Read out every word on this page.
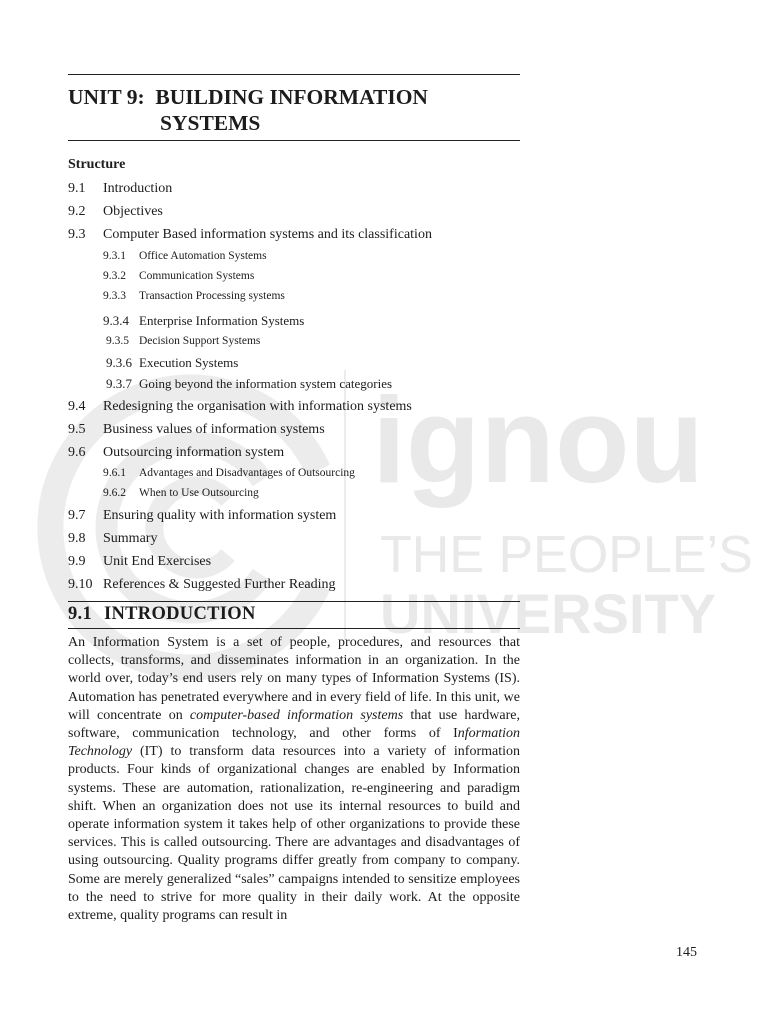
ignou
THE PEOPLE’S
UNIVERSITY
UNIT 9:  BUILDING INFORMATION
SYSTEMS
Structure
9.1 Introduction
9.2 Objectives
9.3 Computer Based information systems and its classification
9.3.1 Office Automation Systems
9.3.2 Communication Systems
9.3.3 Transaction Processing systems
9.3.4 Enterprise Information Systems
9.3.5 Decision Support Systems
9.3.6 Execution Systems
9.3.7 Going beyond the information system categories
9.4 Redesigning the organisation with information systems
9.5 Business values of information systems
9.6 Outsourcing information system
9.6.1 Advantages and Disadvantages of Outsourcing
9.6.2 When to Use Outsourcing
9.7 Ensuring quality with information system
9.8 Summary
9.9 Unit End Exercises
9.10 References & Suggested Further Reading
9.1 INTRODUCTION

An Information System is a set of people, procedures, and resources that collects, transforms, and disseminates information in an organization. In the world over, today’s end users rely on many types of Information Systems (IS). Automation has penetrated everywhere and in every field of life. In this unit, we will concentrate on computer-based information systems that use hardware, software, communication technology, and other forms of Information Technology (IT) to transform data resources into a variety of information products. Four kinds of organizational changes are enabled by Information systems. These are automation, rationalization, re-engineering and paradigm shift. When an organization does not use its internal resources to build and operate information system it takes help of other organizations to provide these services. This is called outsourcing. There are advantages and disadvantages of using outsourcing. Quality programs differ greatly from company to company. Some are merely generalized “sales” campaigns intended to sensitize employees to the need to strive for more quality in their daily work. At the opposite extreme, quality programs can result in

145
